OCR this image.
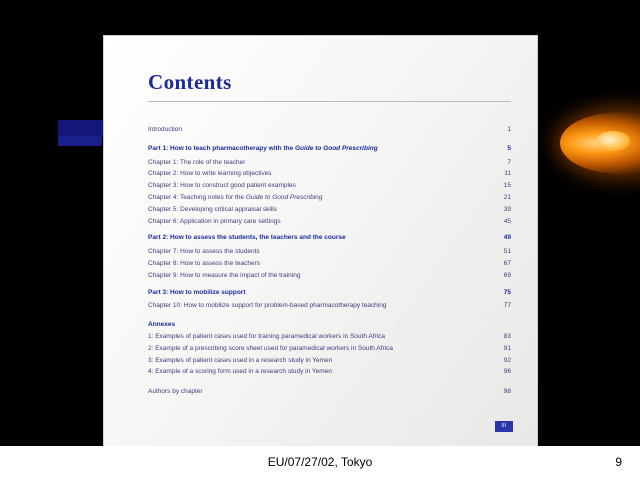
Contents
Introduction	1
Part 1: How to teach pharmacotherapy with the Guide to Good Prescribing	5
Chapter 1: The role of the teacher	7
Chapter 2: How to write learning objectives	11
Chapter 3: How to construct good patient examples	15
Chapter 4: Teaching notes for the Guide to Good Prescribing	21
Chapter 5: Developing critical appraisal skills	39
Chapter 6: Application in primary care settings	45
Part 2: How to assess the students, the teachers and the course	49
Chapter 7: How to assess the students	51
Chapter 8: How to assess the teachers	67
Chapter 9: How to measure the impact of the training	69
Part 3: How to mobilize support	75
Chapter 10: How to mobilize support for problem-based pharmacotherapy teaching	77
Annexes	
1: Examples of patient cases used for training paramedical workers in South Africa	83
2: Example of a prescribing score sheet used for paramedical workers in South Africa	91
3: Examples of patient cases used in a research study in Yemen	92
4: Example of a scoring form used in a research study in Yemen	96
Authors by chapter	98
III
EU/07/27/02, Tokyo	9
